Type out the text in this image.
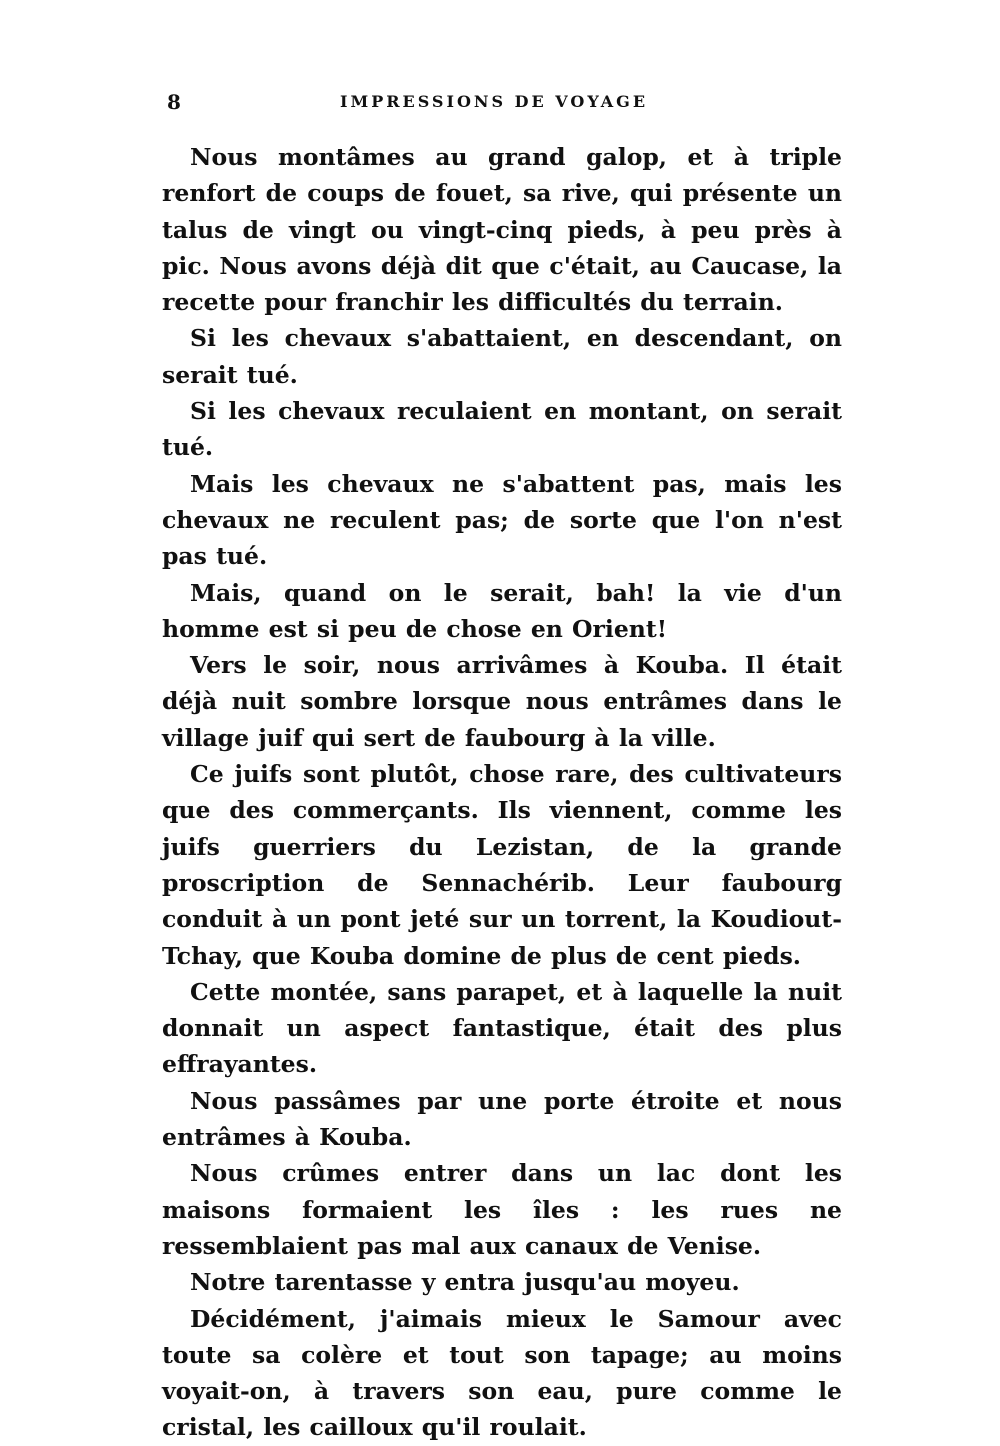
8	IMPRESSIONS DE VOYAGE

Nous montâmes au grand galop, et à triple renfort de coups de fouet, sa rive, qui présente un talus de vingt ou vingt-cinq pieds, à peu près à pic. Nous avons déjà dit que c'était, au Caucase, la recette pour franchir les difficultés du terrain.

Si les chevaux s'abattaient, en descendant, on serait tué.

Si les chevaux reculaient en montant, on serait tué.

Mais les chevaux ne s'abattent pas, mais les chevaux ne reculent pas; de sorte que l'on n'est pas tué.

Mais, quand on le serait, bah! la vie d'un homme est si peu de chose en Orient!

Vers le soir, nous arrivâmes à Kouba. Il était déjà nuit sombre lorsque nous entrâmes dans le village juif qui sert de faubourg à la ville.

Ce juifs sont plutôt, chose rare, des cultivateurs que des commerçants. Ils viennent, comme les juifs guerriers du Lezistan, de la grande proscription de Sennachérib. Leur faubourg conduit à un pont jeté sur un torrent, la Koudiout-Tchay, que Kouba domine de plus de cent pieds.

Cette montée, sans parapet, et à laquelle la nuit donnait un aspect fantastique, était des plus effrayantes.

Nous passâmes par une porte étroite et nous entrâmes à Kouba.

Nous crûmes entrer dans un lac dont les maisons formaient les îles : les rues ne ressemblaient pas mal aux canaux de Venise.

Notre tarentasse y entra jusqu'au moyeu.

Décidément, j'aimais mieux le Samour avec toute sa colère et tout son tapage; au moins voyait-on, à travers son eau, pure comme le cristal, les cailloux qu'il roulait.
